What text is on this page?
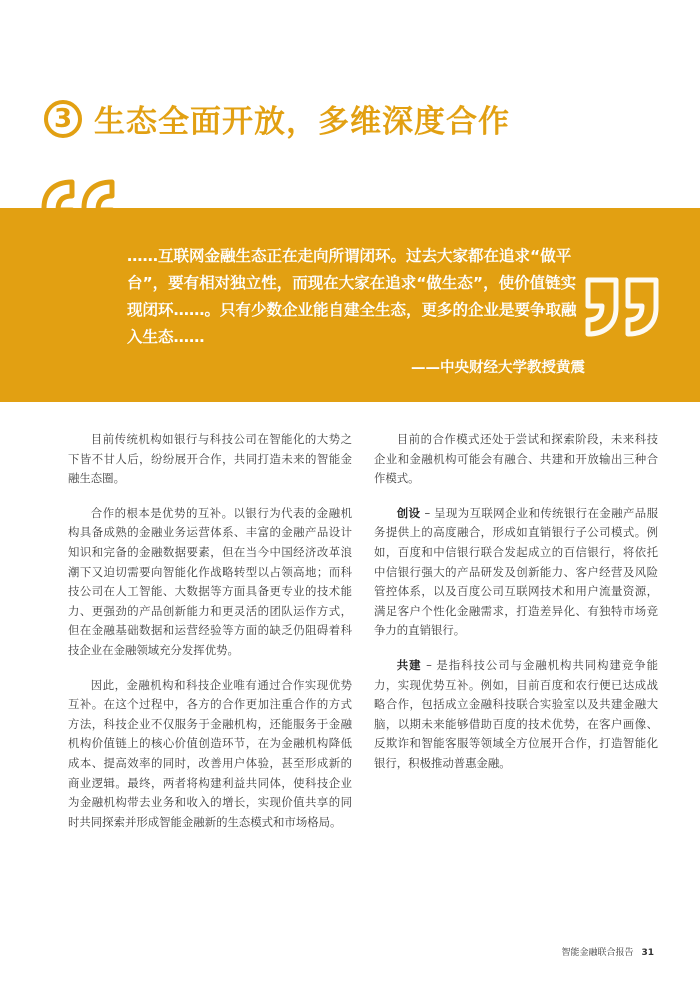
3 生态全面开放，多维深度合作

……互联网金融生态正在走向所谓闭环。过去大家都在追求“做平台”，要有相对独立性，而现在大家在追求“做生态”，使价值链实现闭环……。只有少数企业能自建全生态，更多的企业是要争取融入生态……

——中央财经大学教授黄震

目前传统机构如银行与科技公司在智能化的大势之下皆不甘人后，纷纷展开合作，共同打造未来的智能金融生态圈。

合作的根本是优势的互补。以银行为代表的金融机构具备成熟的金融业务运营体系、丰富的金融产品设计知识和完备的金融数据要素，但在当今中国经济改革浪潮下又迫切需要向智能化作战略转型以占领高地；而科技公司在人工智能、大数据等方面具备更专业的技术能力、更强劲的产品创新能力和更灵活的团队运作方式，但在金融基础数据和运营经验等方面的缺乏仍阻碍着科技企业在金融领域充分发挥优势。

因此，金融机构和科技企业唯有通过合作实现优势互补。在这个过程中，各方的合作更加注重合作的方式方法，科技企业不仅服务于金融机构，还能服务于金融机构价值链上的核心价值创造环节，在为金融机构降低成本、提高效率的同时，改善用户体验，甚至形成新的商业逻辑。最终，两者将构建利益共同体，使科技企业为金融机构带去业务和收入的增长，实现价值共享的同时共同探索并形成智能金融新的生态模式和市场格局。

目前的合作模式还处于尝试和探索阶段，未来科技企业和金融机构可能会有融合、共建和开放输出三种合作模式。

创设 – 呈现为互联网企业和传统银行在金融产品服务提供上的高度融合，形成如直销银行子公司模式。例如，百度和中信银行联合发起成立的百信银行，将依托中信银行强大的产品研发及创新能力、客户经营及风险管控体系，以及百度公司互联网技术和用户流量资源，满足客户个性化金融需求，打造差异化、有独特市场竞争力的直销银行。

共建 – 是指科技公司与金融机构共同构建竞争能力，实现优势互补。例如，目前百度和农行便已达成战略合作，包括成立金融科技联合实验室以及共建金融大脑，以期未来能够借助百度的技术优势，在客户画像、反欺诈和智能客服等领域全方位展开合作，打造智能化银行，积极推动普惠金融。

智能金融联合报告 31
